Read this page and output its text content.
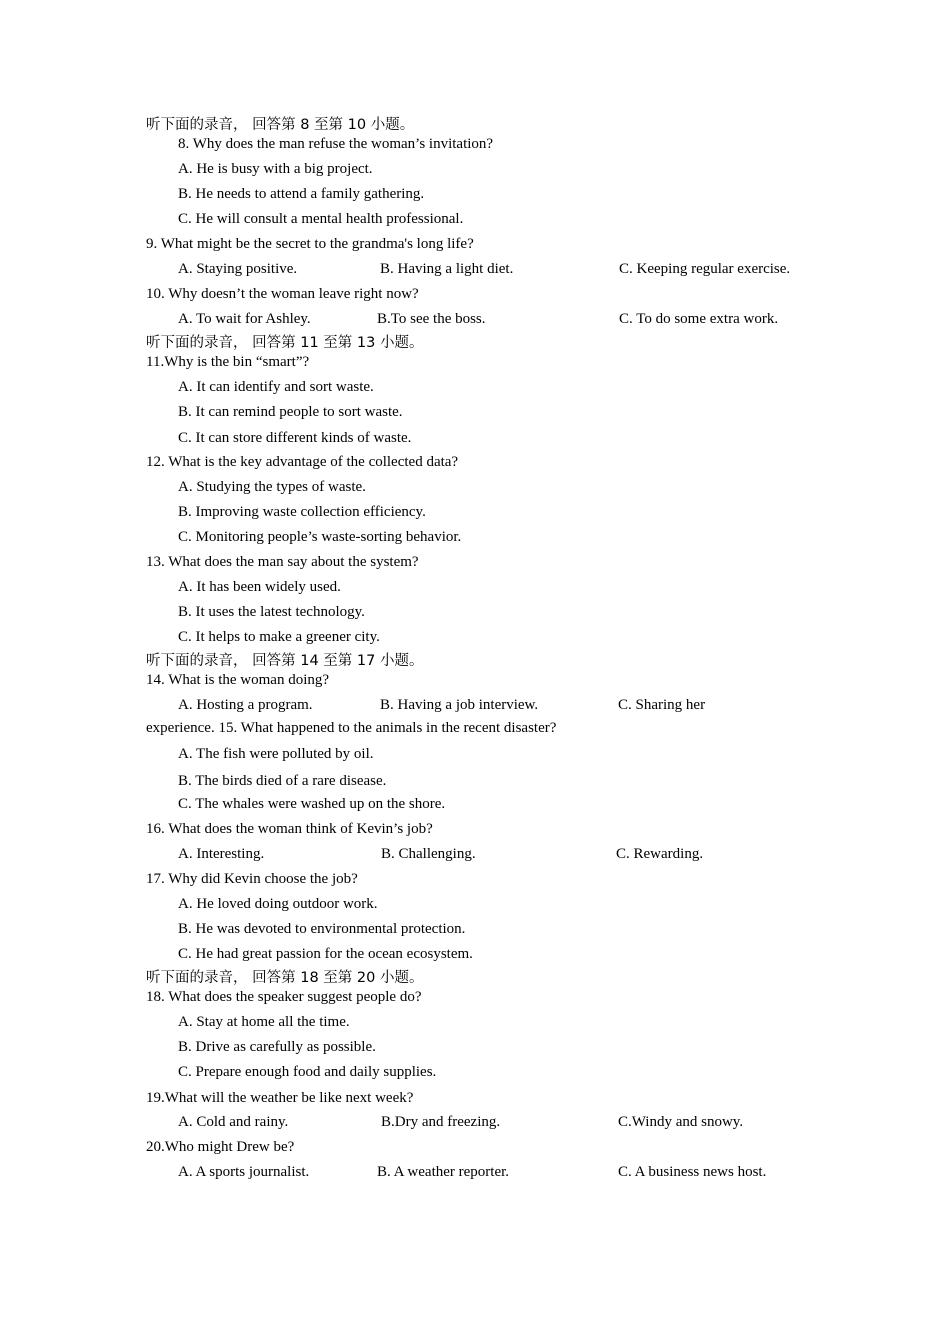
听下面的录音， 回答第 8 至第 10 小题。
8. Why does the man refuse the woman’s invitation?
A. He is busy with a big project.
B. He needs to attend a family gathering.
C. He will consult a mental health professional.
9. What might be the secret to the grandma's long life?
A. Staying positive.	B. Having a light diet.	C. Keeping regular exercise.
10. Why doesn’t the woman leave right now?
A. To wait for Ashley.	B.To see the boss.	C. To do some extra work.
听下面的录音， 回答第 11 至第 13 小题。
11.Why is the bin “smart”?
A. It can identify and sort waste.
B. It can remind people to sort waste.
C. It can store different kinds of waste.
12. What is the key advantage of the collected data?
A. Studying the types of waste.
B. Improving waste collection efficiency.
C. Monitoring people’s waste-sorting behavior.
13. What does the man say about the system?
A. It has been widely used.
B. It uses the latest technology.
C. It helps to make a greener city.
听下面的录音， 回答第 14 至第 17 小题。
14. What is the woman doing?
A. Hosting a program.	B. Having a job interview.	C. Sharing her
experience. 15. What happened to the animals in the recent disaster?
A. The fish were polluted by oil.
B. The birds died of a rare disease.
C. The whales were washed up on the shore.
16. What does the woman think of Kevin’s job?
A. Interesting.	B. Challenging.	C. Rewarding.
17. Why did Kevin choose the job?
A. He loved doing outdoor work.
B. He was devoted to environmental protection.
C. He had great passion for the ocean ecosystem.
听下面的录音， 回答第 18 至第 20 小题。
18. What does the speaker suggest people do?
A. Stay at home all the time.
B. Drive as carefully as possible.
C. Prepare enough food and daily supplies.
19.What will the weather be like next week?
A. Cold and rainy.	B.Dry and freezing.	C.Windy and snowy.
20.Who might Drew be?
A. A sports journalist.	B. A weather reporter.	C. A business news host.
